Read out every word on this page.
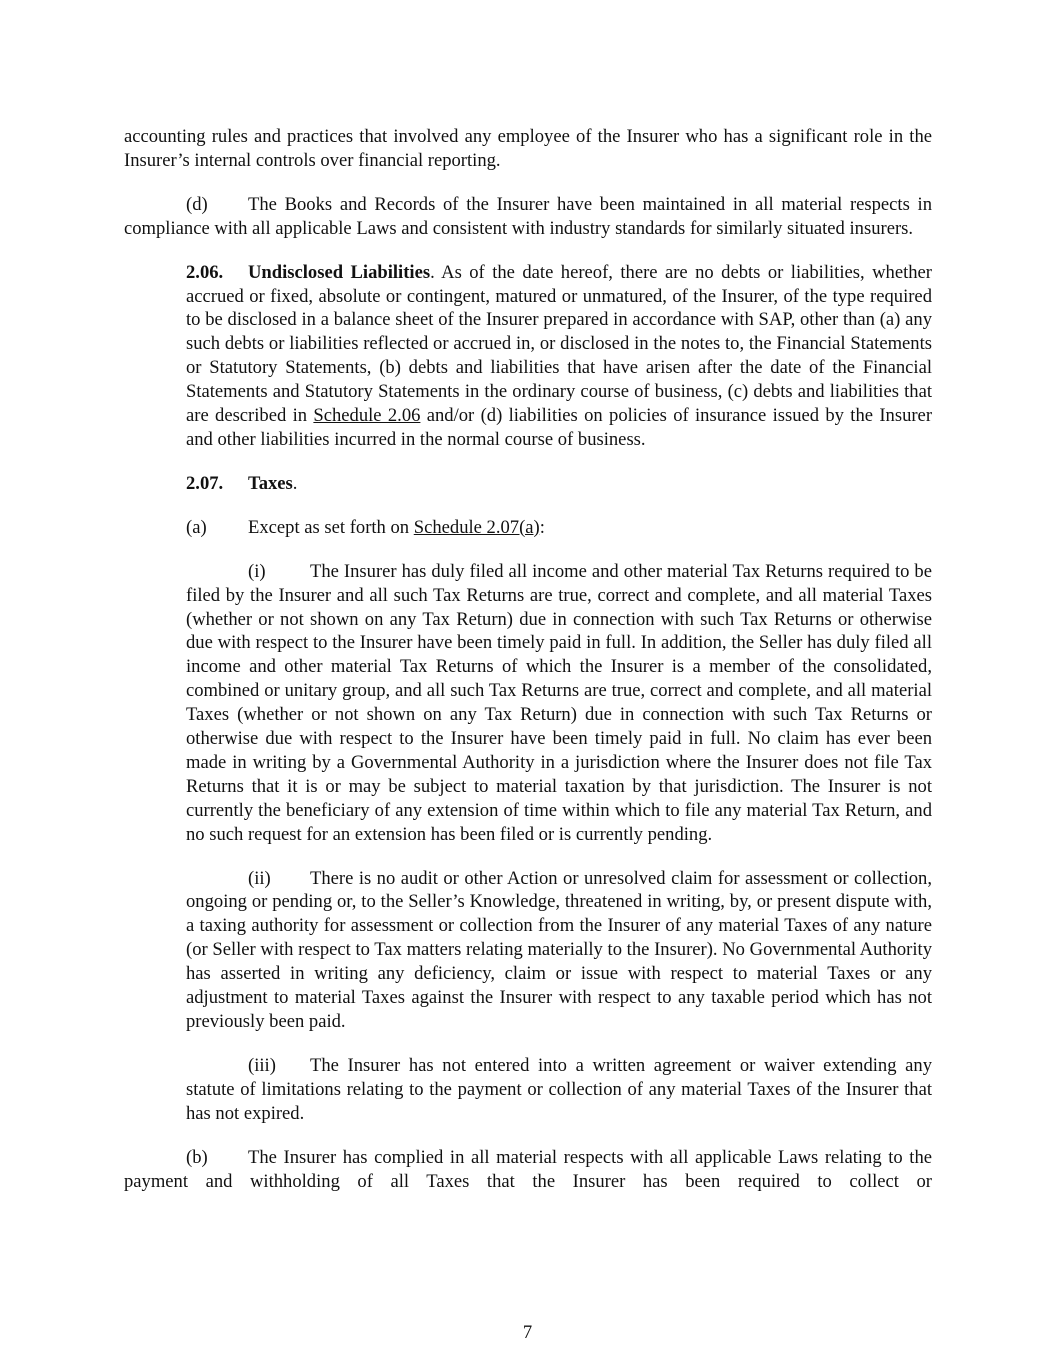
accounting rules and practices that involved any employee of the Insurer who has a significant role in the Insurer’s internal controls over financial reporting.

(d) The Books and Records of the Insurer have been maintained in all material respects in compliance with all applicable Laws and consistent with industry standards for similarly situated insurers.

2.06. Undisclosed Liabilities. As of the date hereof, there are no debts or liabilities, whether accrued or fixed, absolute or contingent, matured or unmatured, of the Insurer, of the type required to be disclosed in a balance sheet of the Insurer prepared in accordance with SAP, other than (a) any such debts or liabilities reflected or accrued in, or disclosed in the notes to, the Financial Statements or Statutory Statements, (b) debts and liabilities that have arisen after the date of the Financial Statements and Statutory Statements in the ordinary course of business, (c) debts and liabilities that are described in Schedule 2.06 and/or (d) liabilities on policies of insurance issued by the Insurer and other liabilities incurred in the normal course of business.

2.07. Taxes.

(a) Except as set forth on Schedule 2.07(a):

(i) The Insurer has duly filed all income and other material Tax Returns required to be filed by the Insurer and all such Tax Returns are true, correct and complete, and all material Taxes (whether or not shown on any Tax Return) due in connection with such Tax Returns or otherwise due with respect to the Insurer have been timely paid in full. In addition, the Seller has duly filed all income and other material Tax Returns of which the Insurer is a member of the consolidated, combined or unitary group, and all such Tax Returns are true, correct and complete, and all material Taxes (whether or not shown on any Tax Return) due in connection with such Tax Returns or otherwise due with respect to the Insurer have been timely paid in full. No claim has ever been made in writing by a Governmental Authority in a jurisdiction where the Insurer does not file Tax Returns that it is or may be subject to material taxation by that jurisdiction. The Insurer is not currently the beneficiary of any extension of time within which to file any material Tax Return, and no such request for an extension has been filed or is currently pending.

(ii) There is no audit or other Action or unresolved claim for assessment or collection, ongoing or pending or, to the Seller’s Knowledge, threatened in writing, by, or present dispute with, a taxing authority for assessment or collection from the Insurer of any material Taxes of any nature (or Seller with respect to Tax matters relating materially to the Insurer). No Governmental Authority has asserted in writing any deficiency, claim or issue with respect to material Taxes or any adjustment to material Taxes against the Insurer with respect to any taxable period which has not previously been paid.

(iii) The Insurer has not entered into a written agreement or waiver extending any statute of limitations relating to the payment or collection of any material Taxes of the Insurer that has not expired.

(b) The Insurer has complied in all material respects with all applicable Laws relating to the payment and withholding of all Taxes that the Insurer has been required to collect or

7
